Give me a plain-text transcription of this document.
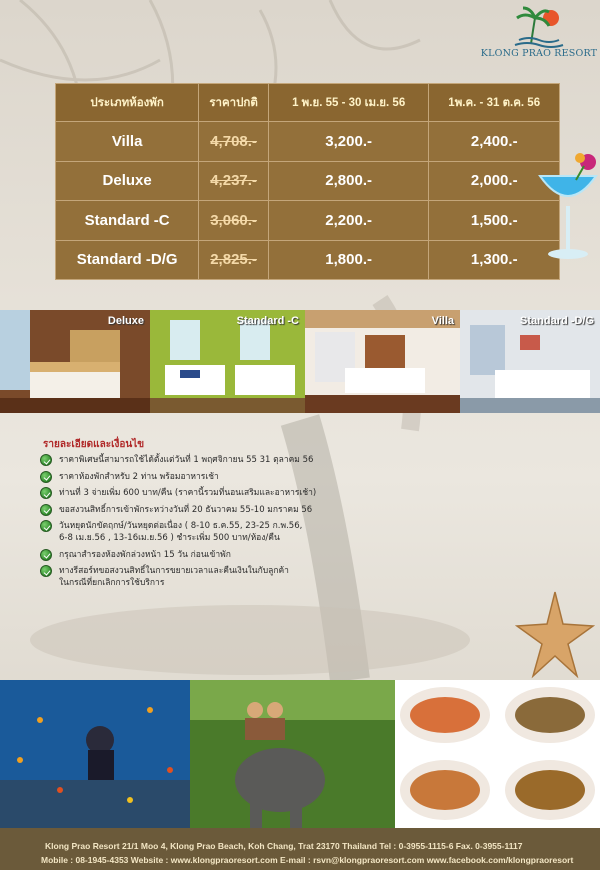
KLONG PRAO RESORT
ประเภทห้องพัก	ราคาปกติ	1 พ.ย. 55 - 30 เม.ย. 56	1พ.ค. - 31 ต.ค. 56
Villa	4,708.-	3,200.-	2,400.-
Deluxe	4,237.-	2,800.-	2,000.-
Standard -C	3,060.-	2,200.-	1,500.-
Standard -D/G	2,825.-	1,800.-	1,300.-
Deluxe	Standard -C	Villa	Standard -D/G
รายละเอียดและเงื่อนไข
ราคาพิเศษนี้สามารถใช้ได้ตั้งแต่วันที่ 1 พฤศจิกายน 55 31 ตุลาคม 56
ราคาห้องพักสำหรับ 2 ท่าน พร้อมอาหารเช้า
ท่านที่ 3 จ่ายเพิ่ม 600 บาท/คืน (ราคานี้รวมที่นอนเสริมและอาหารเช้า)
ขอสงวนสิทธิ์การเข้าพักระหว่างวันที่ 20 ธันวาคม 55-10 มกราคม 56
วันหยุดนักขัตฤกษ์/วันหยุดต่อเนื่อง ( 8-10 ธ.ค.55, 23-25 ก.พ.56,
6-8 เม.ย.56 , 13-16เม.ย.56 ) ชำระเพิ่ม 500 บาท/ห้อง/คืน
กรุณาสำรองห้องพักล่วงหน้า 15 วัน ก่อนเข้าพัก
ทางรีสอร์ทขอสงวนสิทธิ์ในการขยายเวลาและคืนเงินในกับลูกค้า
ในกรณีที่ยกเลิกการใช้บริการ
Klong Prao Resort 21/1 Moo 4, Klong Prao Beach, Koh Chang, Trat 23170 Thailand Tel : 0-3955-1115-6 Fax. 0-3955-1117
Mobile : 08-1945-4353 Website : www.klongpraoresort.com E-mail : rsvn@klongpraoresort.com www.facebook.com/klongpraoresort
